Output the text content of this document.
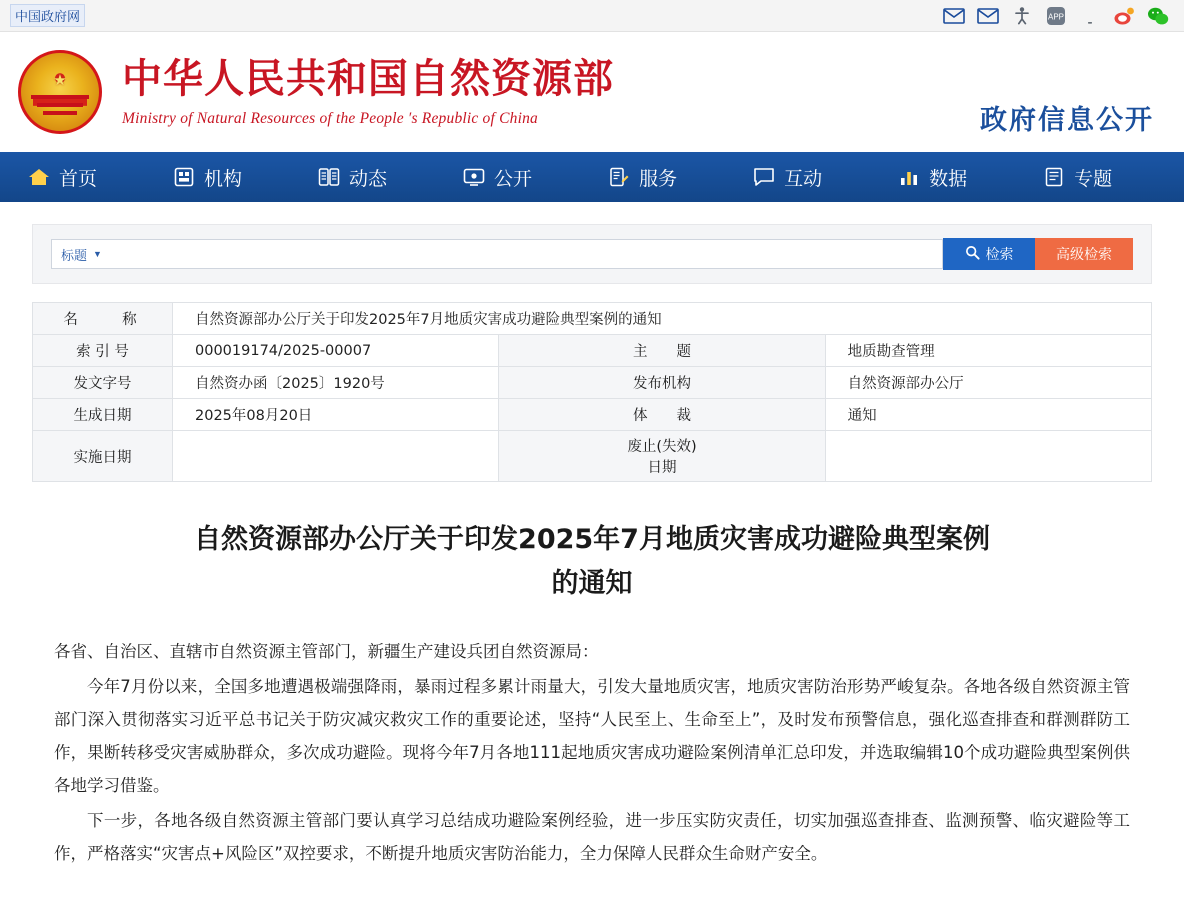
中国政府网	APP
★ 中华人民共和国自然资源部
Ministry of Natural Resources of the People ′s Republic of China	政府信息公开
首页	机构	动态	公开	服务	互动	数据	专题
标题 ▼	检索	高级检索
名　　称	自然资源部办公厅关于印发2025年7月地质灾害成功避险典型案例的通知		
索 引 号	000019174/2025-00007	主　　题	地质勘查管理
发文字号	自然资办函〔2025〕1920号	发布机构	自然资源部办公厅
生成日期	2025年08月20日	体　　裁	通知
实施日期		废止(失效)
日期	

自然资源部办公厅关于印发2025年7月地质灾害成功避险典型案例的通知

各省、自治区、直辖市自然资源主管部门，新疆生产建设兵团自然资源局：

今年7月份以来，全国多地遭遇极端强降雨，暴雨过程多累计雨量大，引发大量地质灾害，地质灾害防治形势严峻复杂。各地各级自然资源主管部门深入贯彻落实习近平总书记关于防灾减灾救灾工作的重要论述，坚持“人民至上、生命至上”，及时发布预警信息，强化巡查排查和群测群防工作，果断转移受灾害威胁群众，多次成功避险。现将今年7月各地111起地质灾害成功避险案例清单汇总印发，并选取编辑10个成功避险典型案例供各地学习借鉴。

下一步，各地各级自然资源主管部门要认真学习总结成功避险案例经验，进一步压实防灾责任，切实加强巡查排查、监测预警、临灾避险等工作，严格落实“灾害点+风险区”双控要求，不断提升地质灾害防治能力，全力保障人民群众生命财产安全。
